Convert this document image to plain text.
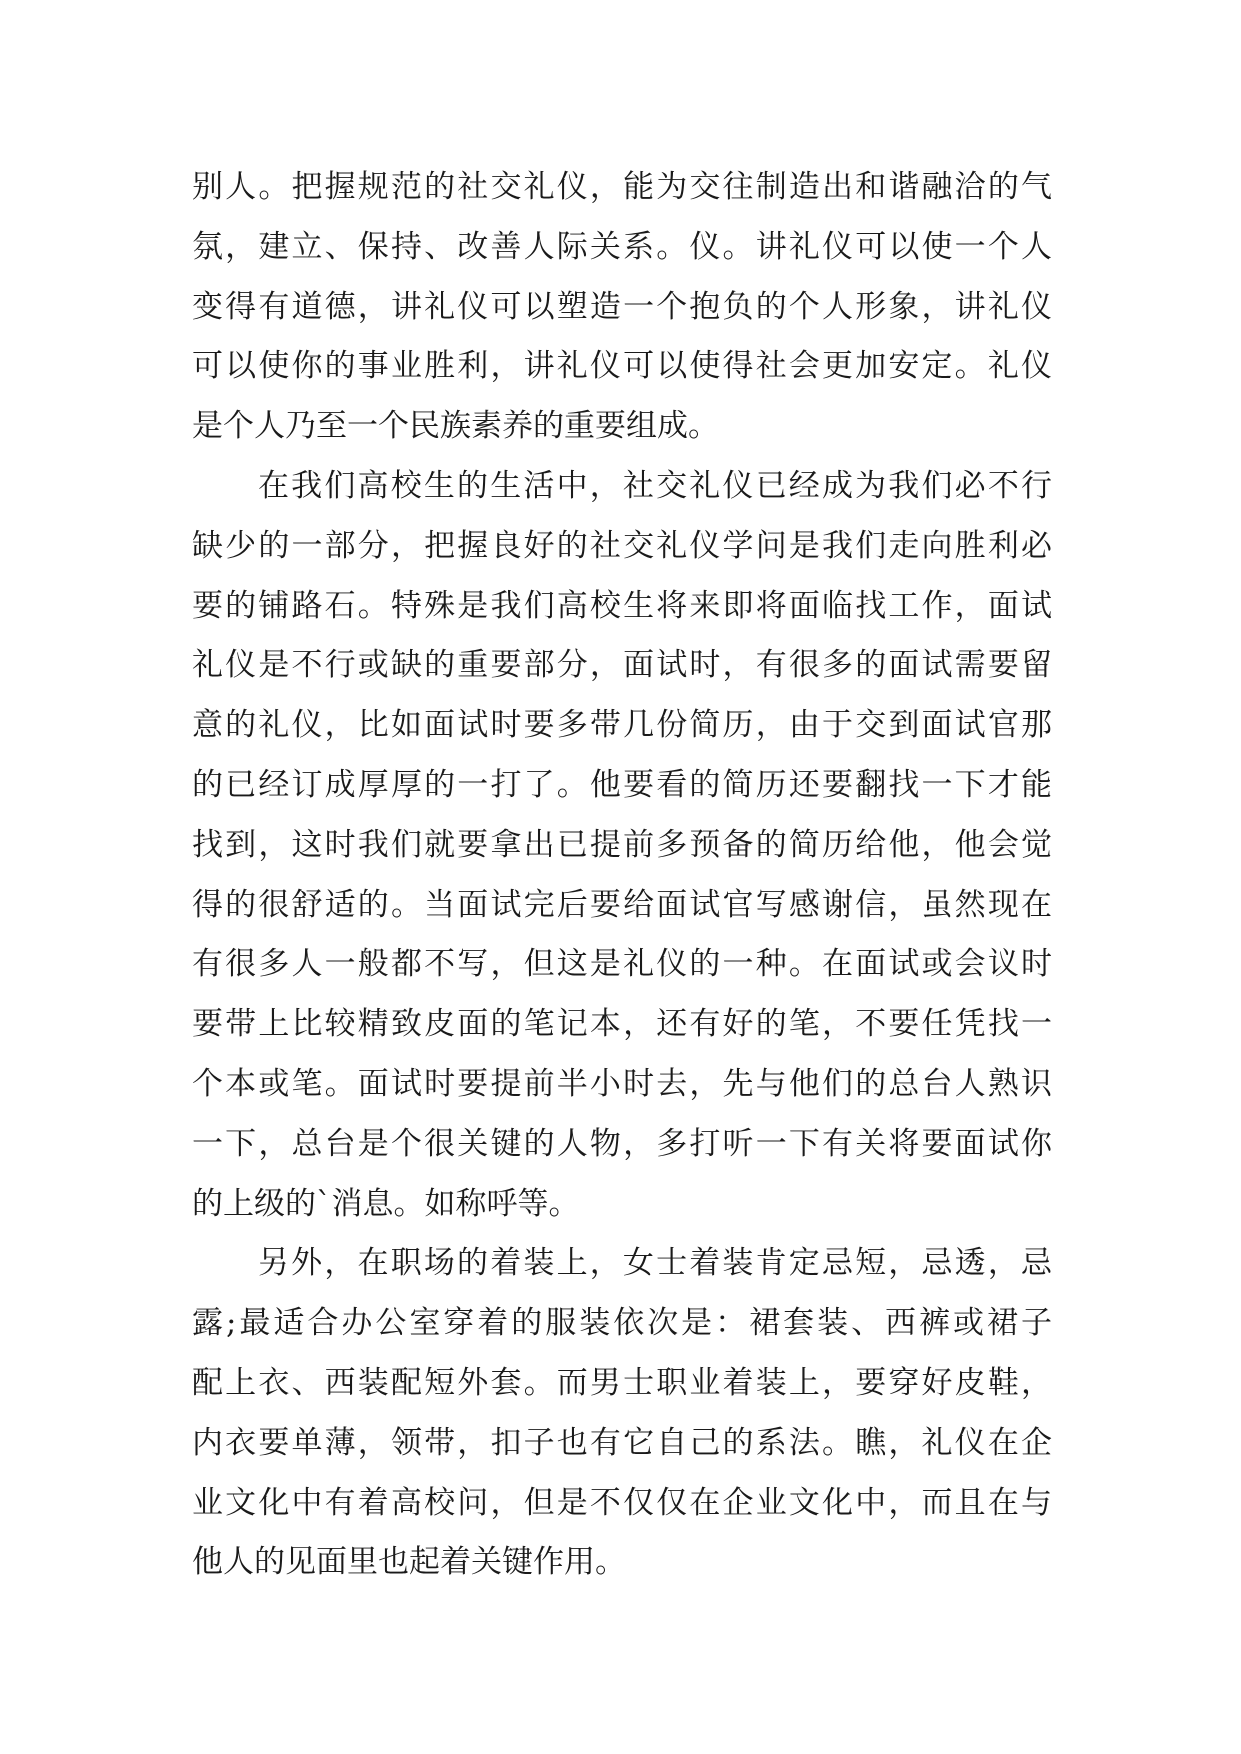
别人。把握规范的社交礼仪，能为交往制造出和谐融洽的气
氛，建立、保持、改善人际关系。仪。讲礼仪可以使一个人
变得有道德，讲礼仪可以塑造一个抱负的个人形象，讲礼仪
可以使你的事业胜利，讲礼仪可以使得社会更加安定。礼仪
是个人乃至一个民族素养的重要组成。
在我们高校生的生活中，社交礼仪已经成为我们必不行
缺少的一部分，把握良好的社交礼仪学问是我们走向胜利必
要的铺路石。特殊是我们高校生将来即将面临找工作，面试
礼仪是不行或缺的重要部分，面试时，有很多的面试需要留
意的礼仪，比如面试时要多带几份简历，由于交到面试官那
的已经订成厚厚的一打了。他要看的简历还要翻找一下才能
找到，这时我们就要拿出已提前多预备的简历给他，他会觉
得的很舒适的。当面试完后要给面试官写感谢信，虽然现在
有很多人一般都不写，但这是礼仪的一种。在面试或会议时
要带上比较精致皮面的笔记本，还有好的笔，不要任凭找一
个本或笔。面试时要提前半小时去，先与他们的总台人熟识
一下，总台是个很关键的人物，多打听一下有关将要面试你
的上级的`消息。如称呼等。
另外，在职场的着装上，女士着装肯定忌短，忌透，忌
露;最适合办公室穿着的服装依次是：裙套装、西裤或裙子
配上衣、西装配短外套。而男士职业着装上，要穿好皮鞋，
内衣要单薄，领带，扣子也有它自己的系法。瞧，礼仪在企
业文化中有着高校问，但是不仅仅在企业文化中，而且在与
他人的见面里也起着关键作用。
